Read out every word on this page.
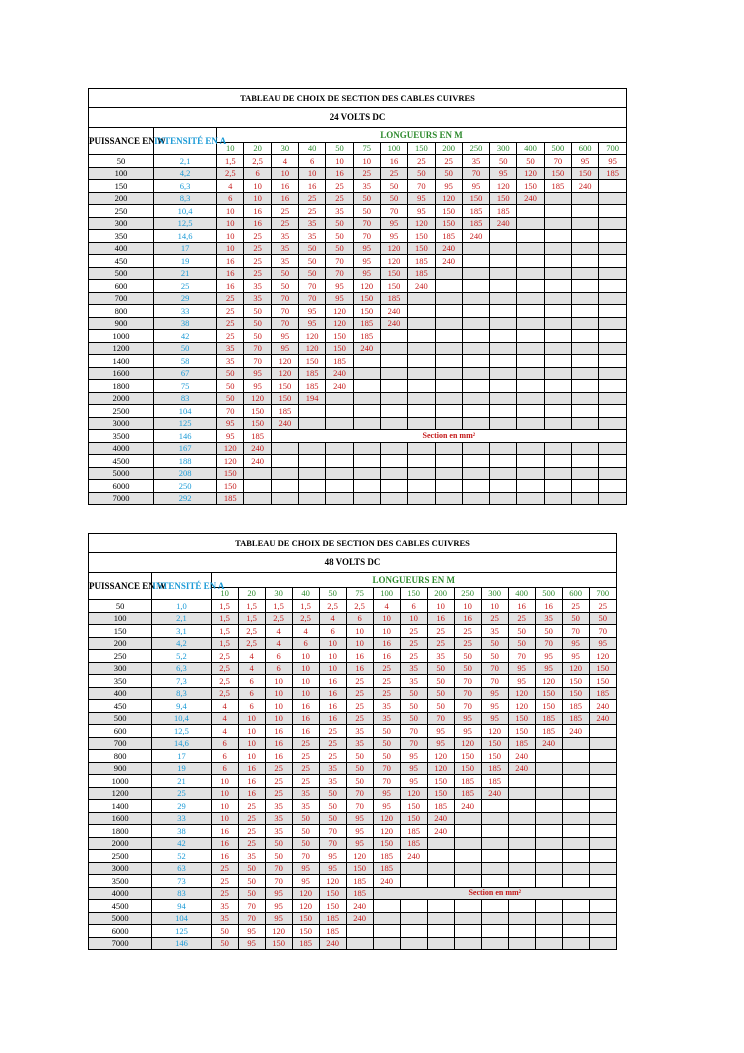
TABLEAU DE CHOIX DE SECTION DES CABLES CUIVRES																
24 VOLTS DC																
PUISSANCE EN W	INTENSITÉ EN A	LONGUEURS EN M														
		10	20	30	40	50	75	100	150	200	250	300	400	500	600	700
50	2,1	1,5	2,5	4	6	10	10	16	25	25	35	50	50	70	95	95
100	4,2	2,5	6	10	10	16	25	25	50	50	70	95	120	150	150	185
150	6,3	4	10	16	16	25	35	50	70	95	95	120	150	185	240	
200	8,3	6	10	16	25	25	50	50	95	120	150	150	240			
250	10,4	10	16	25	25	35	50	70	95	150	185	185				
300	12,5	10	16	25	35	50	70	95	120	150	185	240				
350	14,6	10	25	35	35	50	70	95	150	185	240					
400	17	10	25	35	50	50	95	120	150	240						
450	19	16	25	35	50	70	95	120	185	240						
500	21	16	25	50	50	70	95	150	185							
600	25	16	35	50	70	95	120	150	240							
700	29	25	35	70	70	95	150	185								
800	33	25	50	70	95	120	150	240								
900	38	25	50	70	95	120	185	240								
1000	42	25	50	95	120	150	185									
1200	50	35	70	95	120	150	240									
1400	58	35	70	120	150	185										
1600	67	50	95	120	185	240										
1800	75	50	95	150	185	240										
2000	83	50	120	150	194											
2500	104	70	150	185												
3000	125	95	150	240												
3500	146	95	185	Section en mm²												
4000	167	120	240													
4500	188	120	240													
5000	208	150														
6000	250	150														
7000	292	185														
TABLEAU DE CHOIX DE SECTION DES CABLES CUIVRES																
48 VOLTS DC																
PUISSANCE EN W	INTENSITÉ EN A	LONGUEURS EN M														
		10	20	30	40	50	75	100	150	200	250	300	400	500	600	700
50	1,0	1,5	1,5	1,5	1,5	2,5	2,5	4	6	10	10	10	16	16	25	25
100	2,1	1,5	1,5	2,5	2,5	4	6	10	10	16	16	25	25	35	50	50
150	3,1	1,5	2,5	4	4	6	10	10	25	25	25	35	50	50	70	70
200	4,2	1,5	2,5	4	6	10	10	16	25	25	25	50	50	70	95	95
250	5,2	2,5	4	6	10	10	16	16	25	35	50	50	70	95	95	120
300	6,3	2,5	4	6	10	10	16	25	35	50	50	70	95	95	120	150
350	7,3	2,5	6	10	10	16	25	25	35	50	70	70	95	120	150	150
400	8,3	2,5	6	10	10	16	25	25	50	50	70	95	120	150	150	185
450	9,4	4	6	10	16	16	25	35	50	50	70	95	120	150	185	240
500	10,4	4	10	10	16	16	25	35	50	70	95	95	150	185	185	240
600	12,5	4	10	16	16	25	35	50	70	95	95	120	150	185	240	
700	14,6	6	10	16	25	25	35	50	70	95	120	150	185	240		
800	17	6	10	16	25	25	50	50	95	120	150	150	240			
900	19	6	16	25	25	35	50	70	95	120	150	185	240			
1000	21	10	16	25	25	35	50	70	95	150	185	185				
1200	25	10	16	25	35	50	70	95	120	150	185	240				
1400	29	10	25	35	35	50	70	95	150	185	240					
1600	33	10	25	35	50	50	95	120	150	240						
1800	38	16	25	35	50	70	95	120	185	240						
2000	42	16	25	50	50	70	95	150	185							
2500	52	16	35	50	70	95	120	185	240							
3000	63	25	50	70	95	95	150	185								
3500	73	25	50	70	95	120	185	240								
4000	83	25	50	95	120	150	185	Section en mm²								
4500	94	35	70	95	120	150	240									
5000	104	35	70	95	150	185	240									
6000	125	50	95	120	150	185										
7000	146	50	95	150	185	240										
